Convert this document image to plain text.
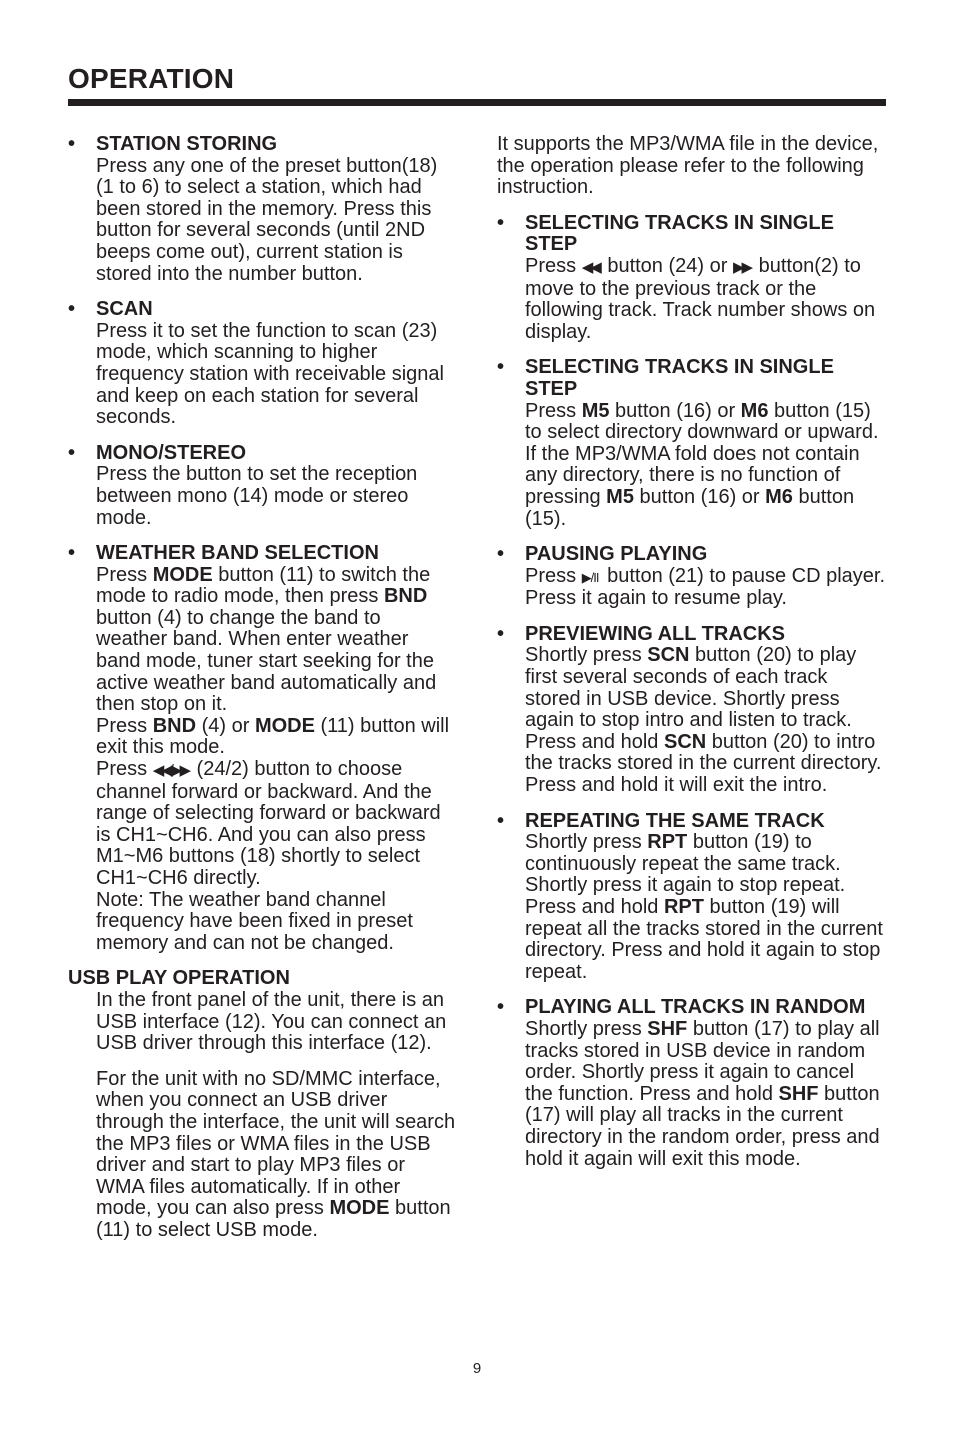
OPERATION
• STATION STORING
Press any one of the preset button(18) (1 to 6) to select a station, which had been stored in the memory. Press this button for several seconds (until 2ND beeps come out), current station is stored into the number button.
• SCAN
Press it to set the function to scan (23) mode, which scanning to higher frequency station with receivable signal and keep on each station for several seconds.
• MONO/STEREO
Press the button to set the reception between mono (14) mode or stereo mode.
• WEATHER BAND SELECTION
Press MODE button (11) to switch the mode to radio mode, then press BND button (4) to change the band to weather band. When enter weather band mode, tuner start seeking for the active weather band automatically and then stop on it.
Press BND (4) or MODE (11) button will exit this mode.
Press ◀◀/▶▶ (24/2) button to choose channel forward or backward. And the range of selecting forward or backward is CH1~CH6. And you can also press M1~M6 buttons (18) shortly to select CH1~CH6 directly.
Note: The weather band channel frequency have been fixed in preset memory and can not be changed.
USB PLAY OPERATION
In the front panel of the unit, there is an USB interface (12). You can connect an USB driver through this interface (12).
For the unit with no SD/MMC interface, when you connect an USB driver through the interface, the unit will search the MP3 files or WMA files in the USB driver and start to play MP3 files or WMA files automatically. If in other mode, you can also press MODE button (11) to select USB mode.
It supports the MP3/WMA file in the device, the operation please refer to the following instruction.
• SELECTING TRACKS IN SINGLE STEP
Press ◀◀ button (24) or ▶▶ button(2) to move to the previous track or the following track. Track number shows on display.
• SELECTING TRACKS IN SINGLE STEP
Press M5 button (16) or M6 button (15) to select directory downward or upward. If the MP3/WMA fold does not contain any directory, there is no function of pressing M5 button (16) or M6 button (15).
• PAUSING PLAYING
Press ▶/II button (21) to pause CD player. Press it again to resume play.
• PREVIEWING ALL TRACKS
Shortly press SCN button (20) to play first several seconds of each track stored in USB device. Shortly press again to stop intro and listen to track. Press and hold SCN button (20) to intro the tracks stored in the current directory. Press and hold it will exit the intro.
• REPEATING THE SAME TRACK
Shortly press RPT button (19) to continuously repeat the same track. Shortly press it again to stop repeat. Press and hold RPT button (19) will repeat all the tracks stored in the current directory. Press and hold it again to stop repeat.
• PLAYING ALL TRACKS IN RANDOM
Shortly press SHF button (17) to play all tracks stored in USB device in random order. Shortly press it again to cancel the function. Press and hold SHF button (17) will play all tracks in the current directory in the random order, press and hold it again will exit this mode.
9
